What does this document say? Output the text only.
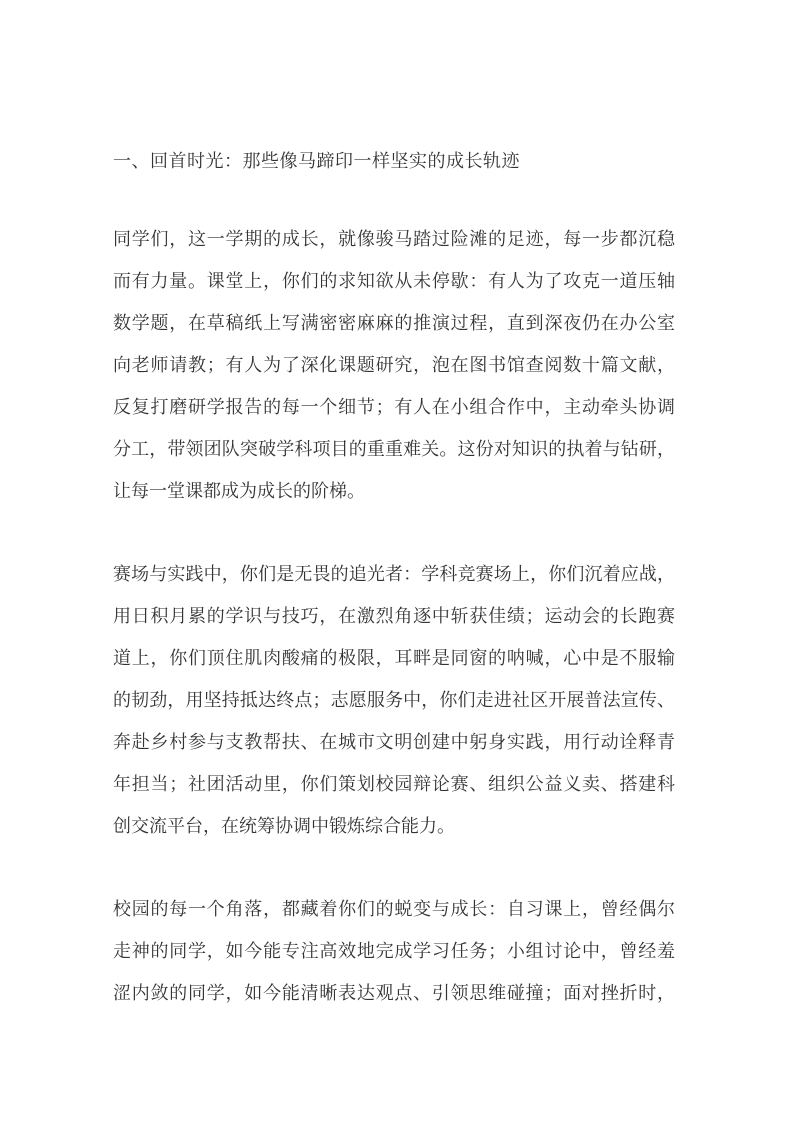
一、回首时光：那些像马蹄印一样坚实的成长轨迹
同学们，这一学期的成长，就像骏马踏过险滩的足迹，每一步都沉稳
而有力量。课堂上，你们的求知欲从未停歇：有人为了攻克一道压轴
数学题，在草稿纸上写满密密麻麻的推演过程，直到深夜仍在办公室
向老师请教；有人为了深化课题研究，泡在图书馆查阅数十篇文献，
反复打磨研学报告的每一个细节；有人在小组合作中，主动牵头协调
分工，带领团队突破学科项目的重重难关。这份对知识的执着与钻研，
让每一堂课都成为成长的阶梯。
赛场与实践中，你们是无畏的追光者：学科竞赛场上，你们沉着应战，
用日积月累的学识与技巧，在激烈角逐中斩获佳绩；运动会的长跑赛
道上，你们顶住肌肉酸痛的极限，耳畔是同窗的呐喊，心中是不服输
的韧劲，用坚持抵达终点；志愿服务中，你们走进社区开展普法宣传、
奔赴乡村参与支教帮扶、在城市文明创建中躬身实践，用行动诠释青
年担当；社团活动里，你们策划校园辩论赛、组织公益义卖、搭建科
创交流平台，在统筹协调中锻炼综合能力。
校园的每一个角落，都藏着你们的蜕变与成长：自习课上，曾经偶尔
走神的同学，如今能专注高效地完成学习任务；小组讨论中，曾经羞
涩内敛的同学，如今能清晰表达观点、引领思维碰撞；面对挫折时，
